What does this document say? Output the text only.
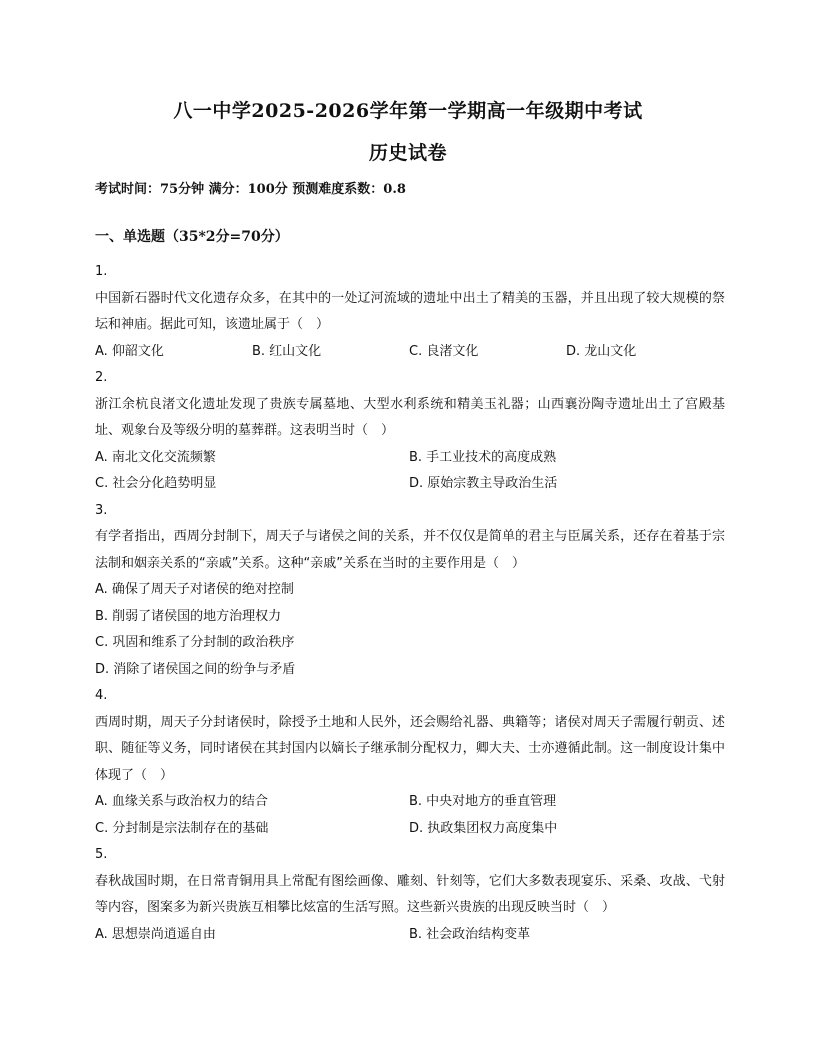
八一中学2025-2026学年第一学期高一年级期中考试
历史试卷
考试时间：75分钟 满分：100分 预测难度系数：0.8
一、单选题（35*2分=70分）
1.
中国新石器时代文化遗存众多，在其中的一处辽河流域的遗址中出土了精美的玉器，并且出现了较大规模的祭坛和神庙。据此可知，该遗址属于（　）
A. 仰韶文化	B. 红山文化	C. 良渚文化	D. 龙山文化
2.
浙江余杭良渚文化遗址发现了贵族专属墓地、大型水利系统和精美玉礼器；山西襄汾陶寺遗址出土了宫殿基址、观象台及等级分明的墓葬群。这表明当时（　）
A. 南北文化交流频繁	B. 手工业技术的高度成熟
C. 社会分化趋势明显	D. 原始宗教主导政治生活
3.
有学者指出，西周分封制下，周天子与诸侯之间的关系，并不仅仅是简单的君主与臣属关系，还存在着基于宗法制和姻亲关系的“亲戚”关系。这种“亲戚”关系在当时的主要作用是（　）
A. 确保了周天子对诸侯的绝对控制
B. 削弱了诸侯国的地方治理权力
C. 巩固和维系了分封制的政治秩序
D. 消除了诸侯国之间的纷争与矛盾
4.
西周时期，周天子分封诸侯时，除授予土地和人民外，还会赐给礼器、典籍等；诸侯对周天子需履行朝贡、述职、随征等义务，同时诸侯在其封国内以嫡长子继承制分配权力，卿大夫、士亦遵循此制。这一制度设计集中体现了（　）
A. 血缘关系与政治权力的结合	B. 中央对地方的垂直管理
C. 分封制是宗法制存在的基础	D. 执政集团权力高度集中
5.
春秋战国时期，在日常青铜用具上常配有图绘画像、雕刻、针刻等，它们大多数表现宴乐、采桑、攻战、弋射等内容，图案多为新兴贵族互相攀比炫富的生活写照。这些新兴贵族的出现反映当时（　）
A. 思想崇尚逍遥自由	B. 社会政治结构变革
